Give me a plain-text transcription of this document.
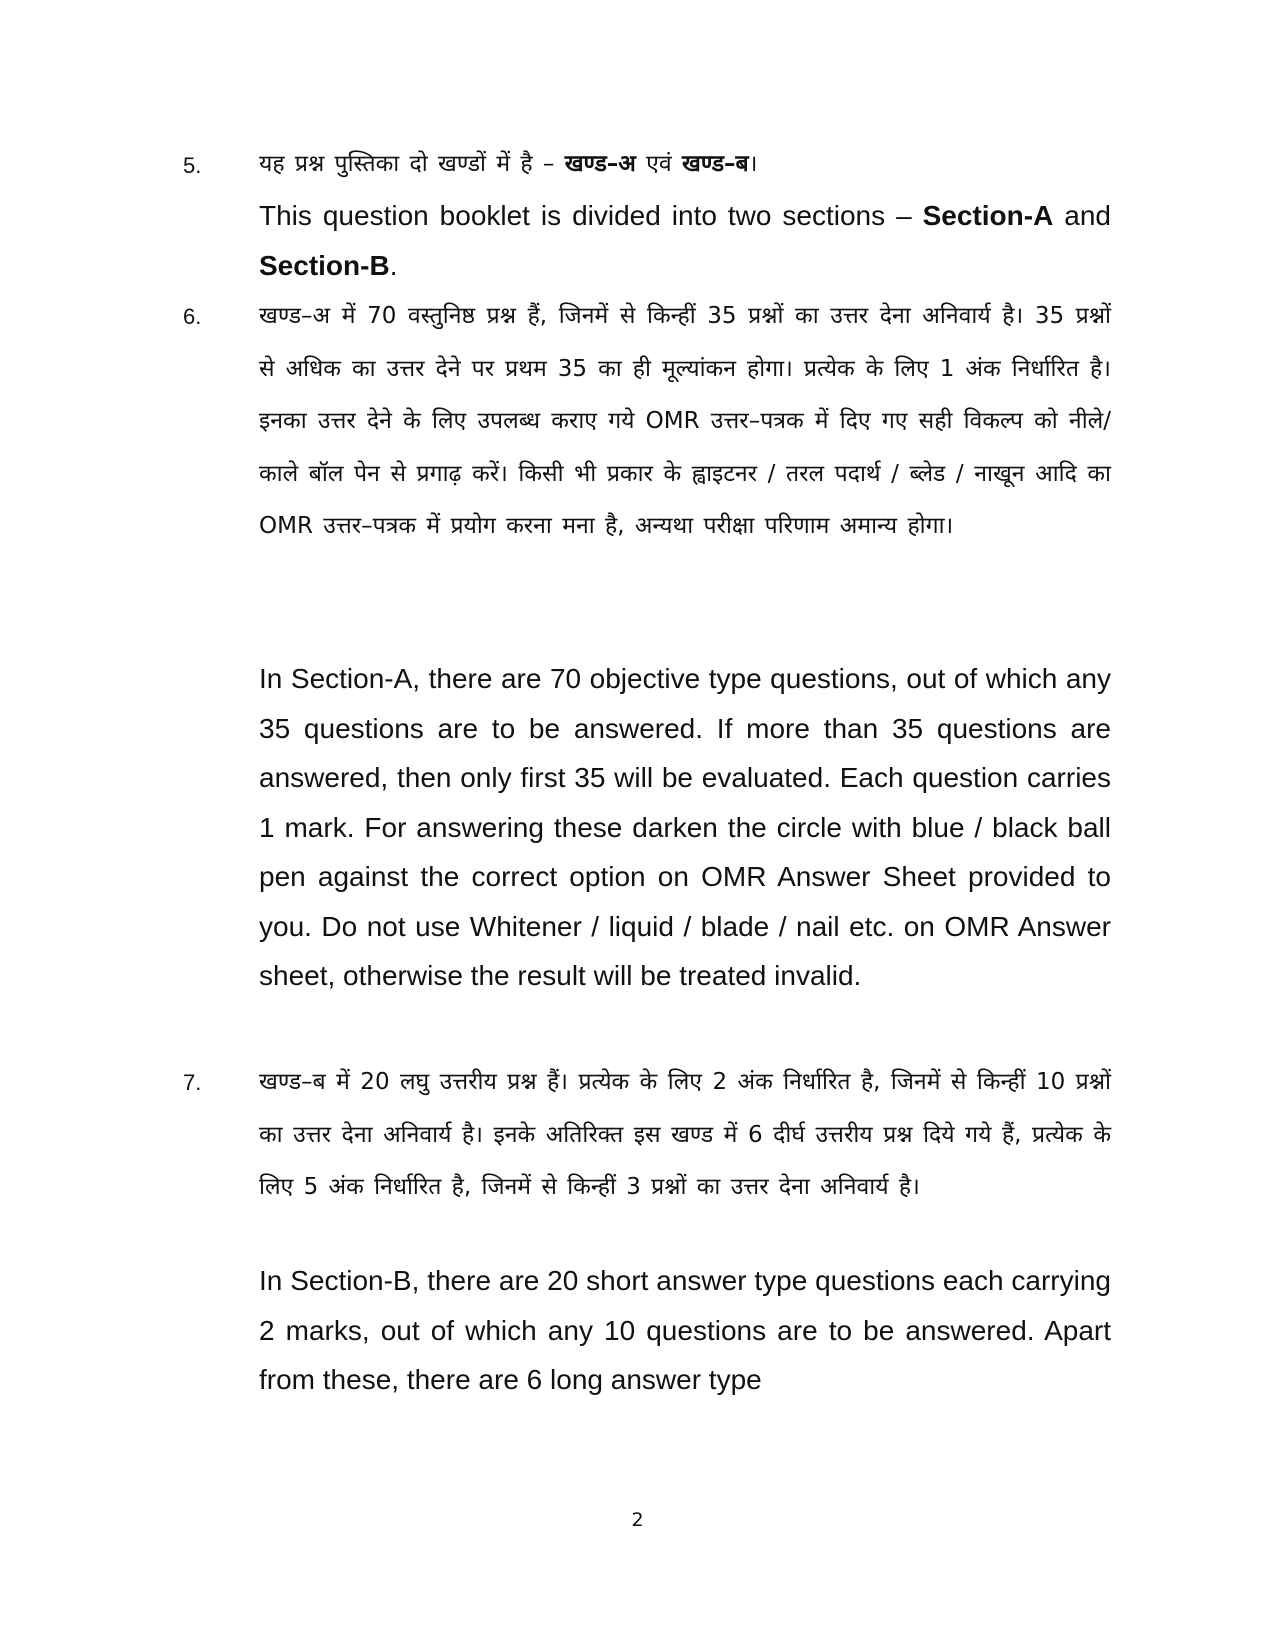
5.	यह प्रश्न पुस्तिका दो खण्डों में है – खण्ड–अ एवं खण्ड–ब।
This question booklet is divided into two sections – Section-A and Section-B.
6.	खण्ड–अ में 70 वस्तुनिष्ठ प्रश्न हैं, जिनमें से किन्हीं 35 प्रश्नों का उत्तर देना अनिवार्य है। 35 प्रश्नों से अधिक का उत्तर देने पर प्रथम 35 का ही मूल्यांकन होगा। प्रत्येक के लिए 1 अंक निर्धारित है। इनका उत्तर देने के लिए उपलब्ध कराए गये OMR उत्तर–पत्रक में दिए गए सही विकल्प को नीले/काले बॉल पेन से प्रगाढ़ करें। किसी भी प्रकार के ह्वाइटनर / तरल पदार्थ / ब्लेड / नाखून आदि का OMR उत्तर–पत्रक में प्रयोग करना मना है, अन्यथा परीक्षा परिणाम अमान्य होगा।
In Section-A, there are 70 objective type questions, out of which any 35 questions are to be answered. If more than 35 questions are answered, then only first 35 will be evaluated. Each question carries 1 mark. For answering these darken the circle with blue / black ball pen against the correct option on OMR Answer Sheet provided to you. Do not use Whitener / liquid / blade / nail etc. on OMR Answer sheet, otherwise the result will be treated invalid.
7.	खण्ड–ब में 20 लघु उत्तरीय प्रश्न हैं। प्रत्येक के लिए 2 अंक निर्धारित है, जिनमें से किन्हीं 10 प्रश्नों का उत्तर देना अनिवार्य है। इनके अतिरिक्त इस खण्ड में 6 दीर्घ उत्तरीय प्रश्न दिये गये हैं, प्रत्येक के लिए 5 अंक निर्धारित है, जिनमें से किन्हीं 3 प्रश्नों का उत्तर देना अनिवार्य है।
In Section-B, there are 20 short answer type questions each carrying 2 marks, out of which any 10 questions are to be answered. Apart from these, there are 6 long answer type
2
